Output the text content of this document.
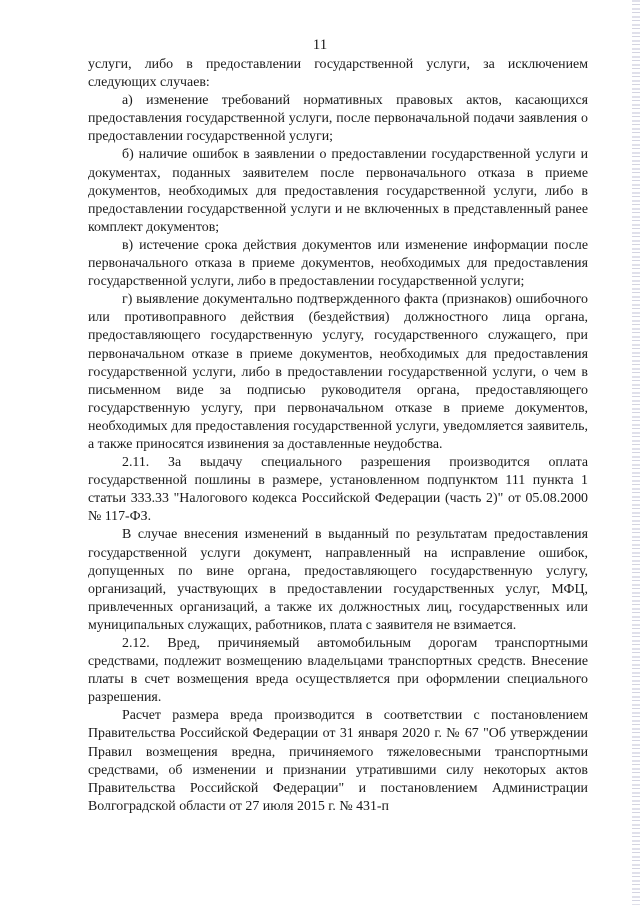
11

услуги, либо в предоставлении государственной услуги, за исключением следующих случаев:

а) изменение требований нормативных правовых актов, касающихся предоставления государственной услуги, после первоначальной подачи заявления о предоставлении государственной услуги;

б) наличие ошибок в заявлении о предоставлении государственной услуги и документах, поданных заявителем после первоначального отказа в приеме документов, необходимых для предоставления государственной услуги, либо в предоставлении государственной услуги и не включенных в представленный ранее комплект документов;

в) истечение срока действия документов или изменение информации после первоначального отказа в приеме документов, необходимых для предоставления государственной услуги, либо в предоставлении государственной услуги;

г) выявление документально подтвержденного факта (признаков) ошибочного или противоправного действия (бездействия) должностного лица органа, предоставляющего государственную услугу, государственного служащего, при первоначальном отказе в приеме документов, необходимых для предоставления государственной услуги, либо в предоставлении государственной услуги, о чем в письменном виде за подписью руководителя органа, предоставляющего государственную услугу, при первоначальном отказе в приеме документов, необходимых для предоставления государственной услуги, уведомляется заявитель, а также приносятся извинения за доставленные неудобства.

2.11. За выдачу специального разрешения производится оплата государственной пошлины в размере, установленном подпунктом 111 пункта 1 статьи 333.33 "Налогового кодекса Российской Федерации (часть 2)" от 05.08.2000 № 117-ФЗ.

В случае внесения изменений в выданный по результатам предоставления государственной услуги документ, направленный на исправление ошибок, допущенных по вине органа, предоставляющего государственную услугу, организаций, участвующих в предоставлении государственных услуг, МФЦ, привлеченных организаций, а также их должностных лиц, государственных или муниципальных служащих, работников, плата с заявителя не взимается.

2.12. Вред, причиняемый автомобильным дорогам транспортными средствами, подлежит возмещению владельцами транспортных средств. Внесение платы в счет возмещения вреда осуществляется при оформлении специального разрешения.

Расчет размера вреда производится в соответствии с постановлением Правительства Российской Федерации от 31 января 2020 г. № 67 "Об утверждении Правил возмещения вредна, причиняемого тяжеловесными транспортными средствами, об изменении и признании утратившими силу некоторых актов Правительства Российской Федерации" и постановлением Администрации Волгоградской области от 27 июля 2015 г. № 431-п
